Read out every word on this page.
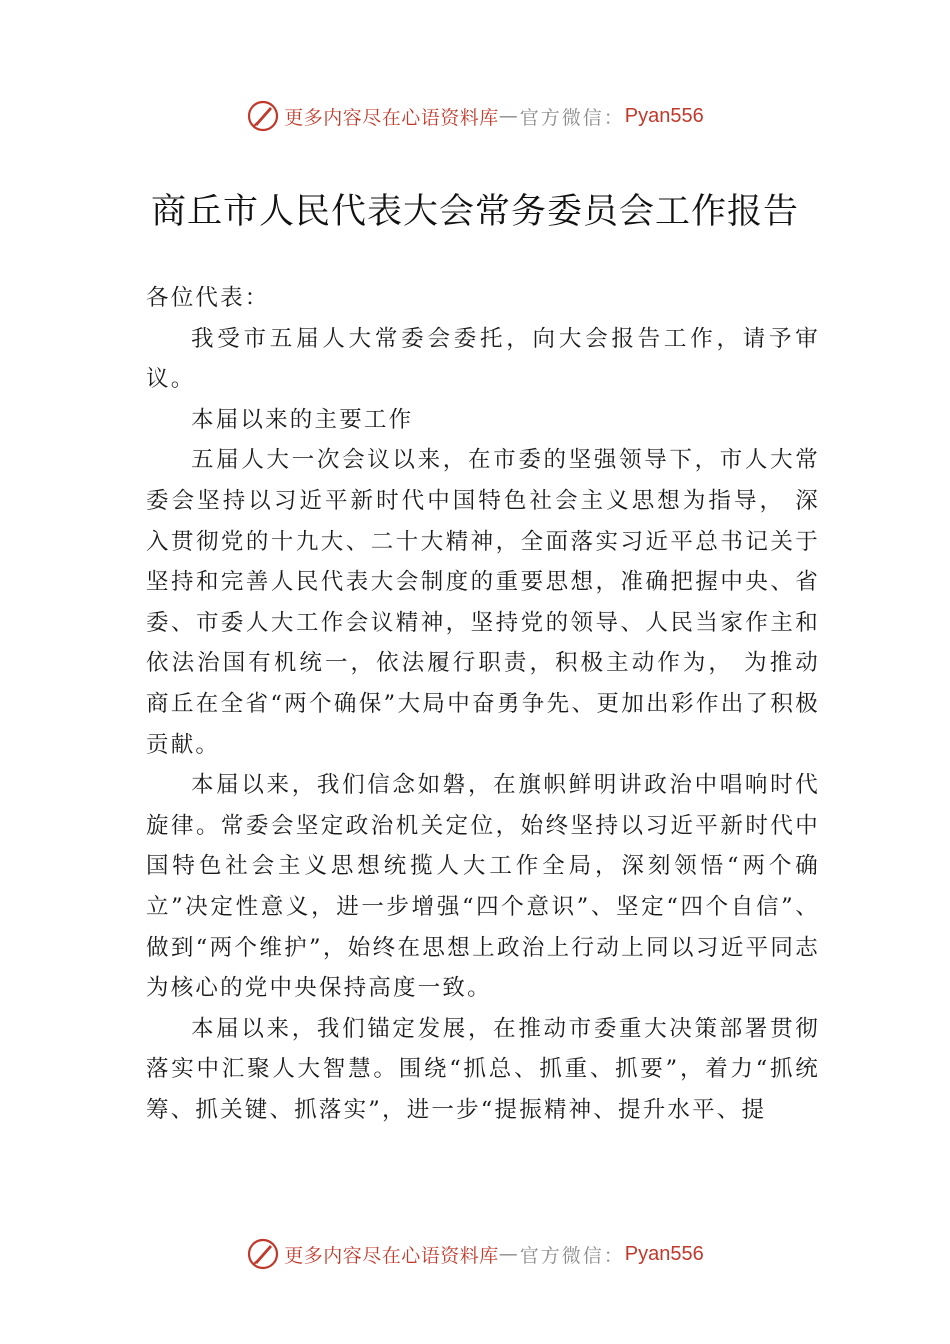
更多内容尽在心语资料库 — 官方微信： Pyan556
商丘市人民代表大会常务委员会工作报告

各位代表：

我受市五届人大常委会委托，向大会报告工作，请予审议。

本届以来的主要工作

五届人大一次会议以来，在市委的坚强领导下，市人大常委会坚持以习近平新时代中国特色社会主义思想为指导， 深入贯彻党的十九大、二十大精神，全面落实习近平总书记关于坚持和完善人民代表大会制度的重要思想，准确把握中央、省委、市委人大工作会议精神，坚持党的领导、人民当家作主和依法治国有机统一，依法履行职责，积极主动作为， 为推动商丘在全省“两个确保”大局中奋勇争先、更加出彩作出了积极贡献。

本届以来，我们信念如磐，在旗帜鲜明讲政治中唱响时代旋律。常委会坚定政治机关定位，始终坚持以习近平新时代中国特色社会主义思想统揽人大工作全局，深刻领悟“两个确立”决定性意义，进一步增强“四个意识”、坚定“四个自信”、做到“两个维护”，始终在思想上政治上行动上同以习近平同志为核心的党中央保持高度一致。

本届以来，我们锚定发展，在推动市委重大决策部署贯彻落实中汇聚人大智慧。围绕“抓总、抓重、抓要”，着力“抓统筹、抓关键、抓落实”，进一步“提振精神、提升水平、提

更多内容尽在心语资料库 — 官方微信： Pyan556
